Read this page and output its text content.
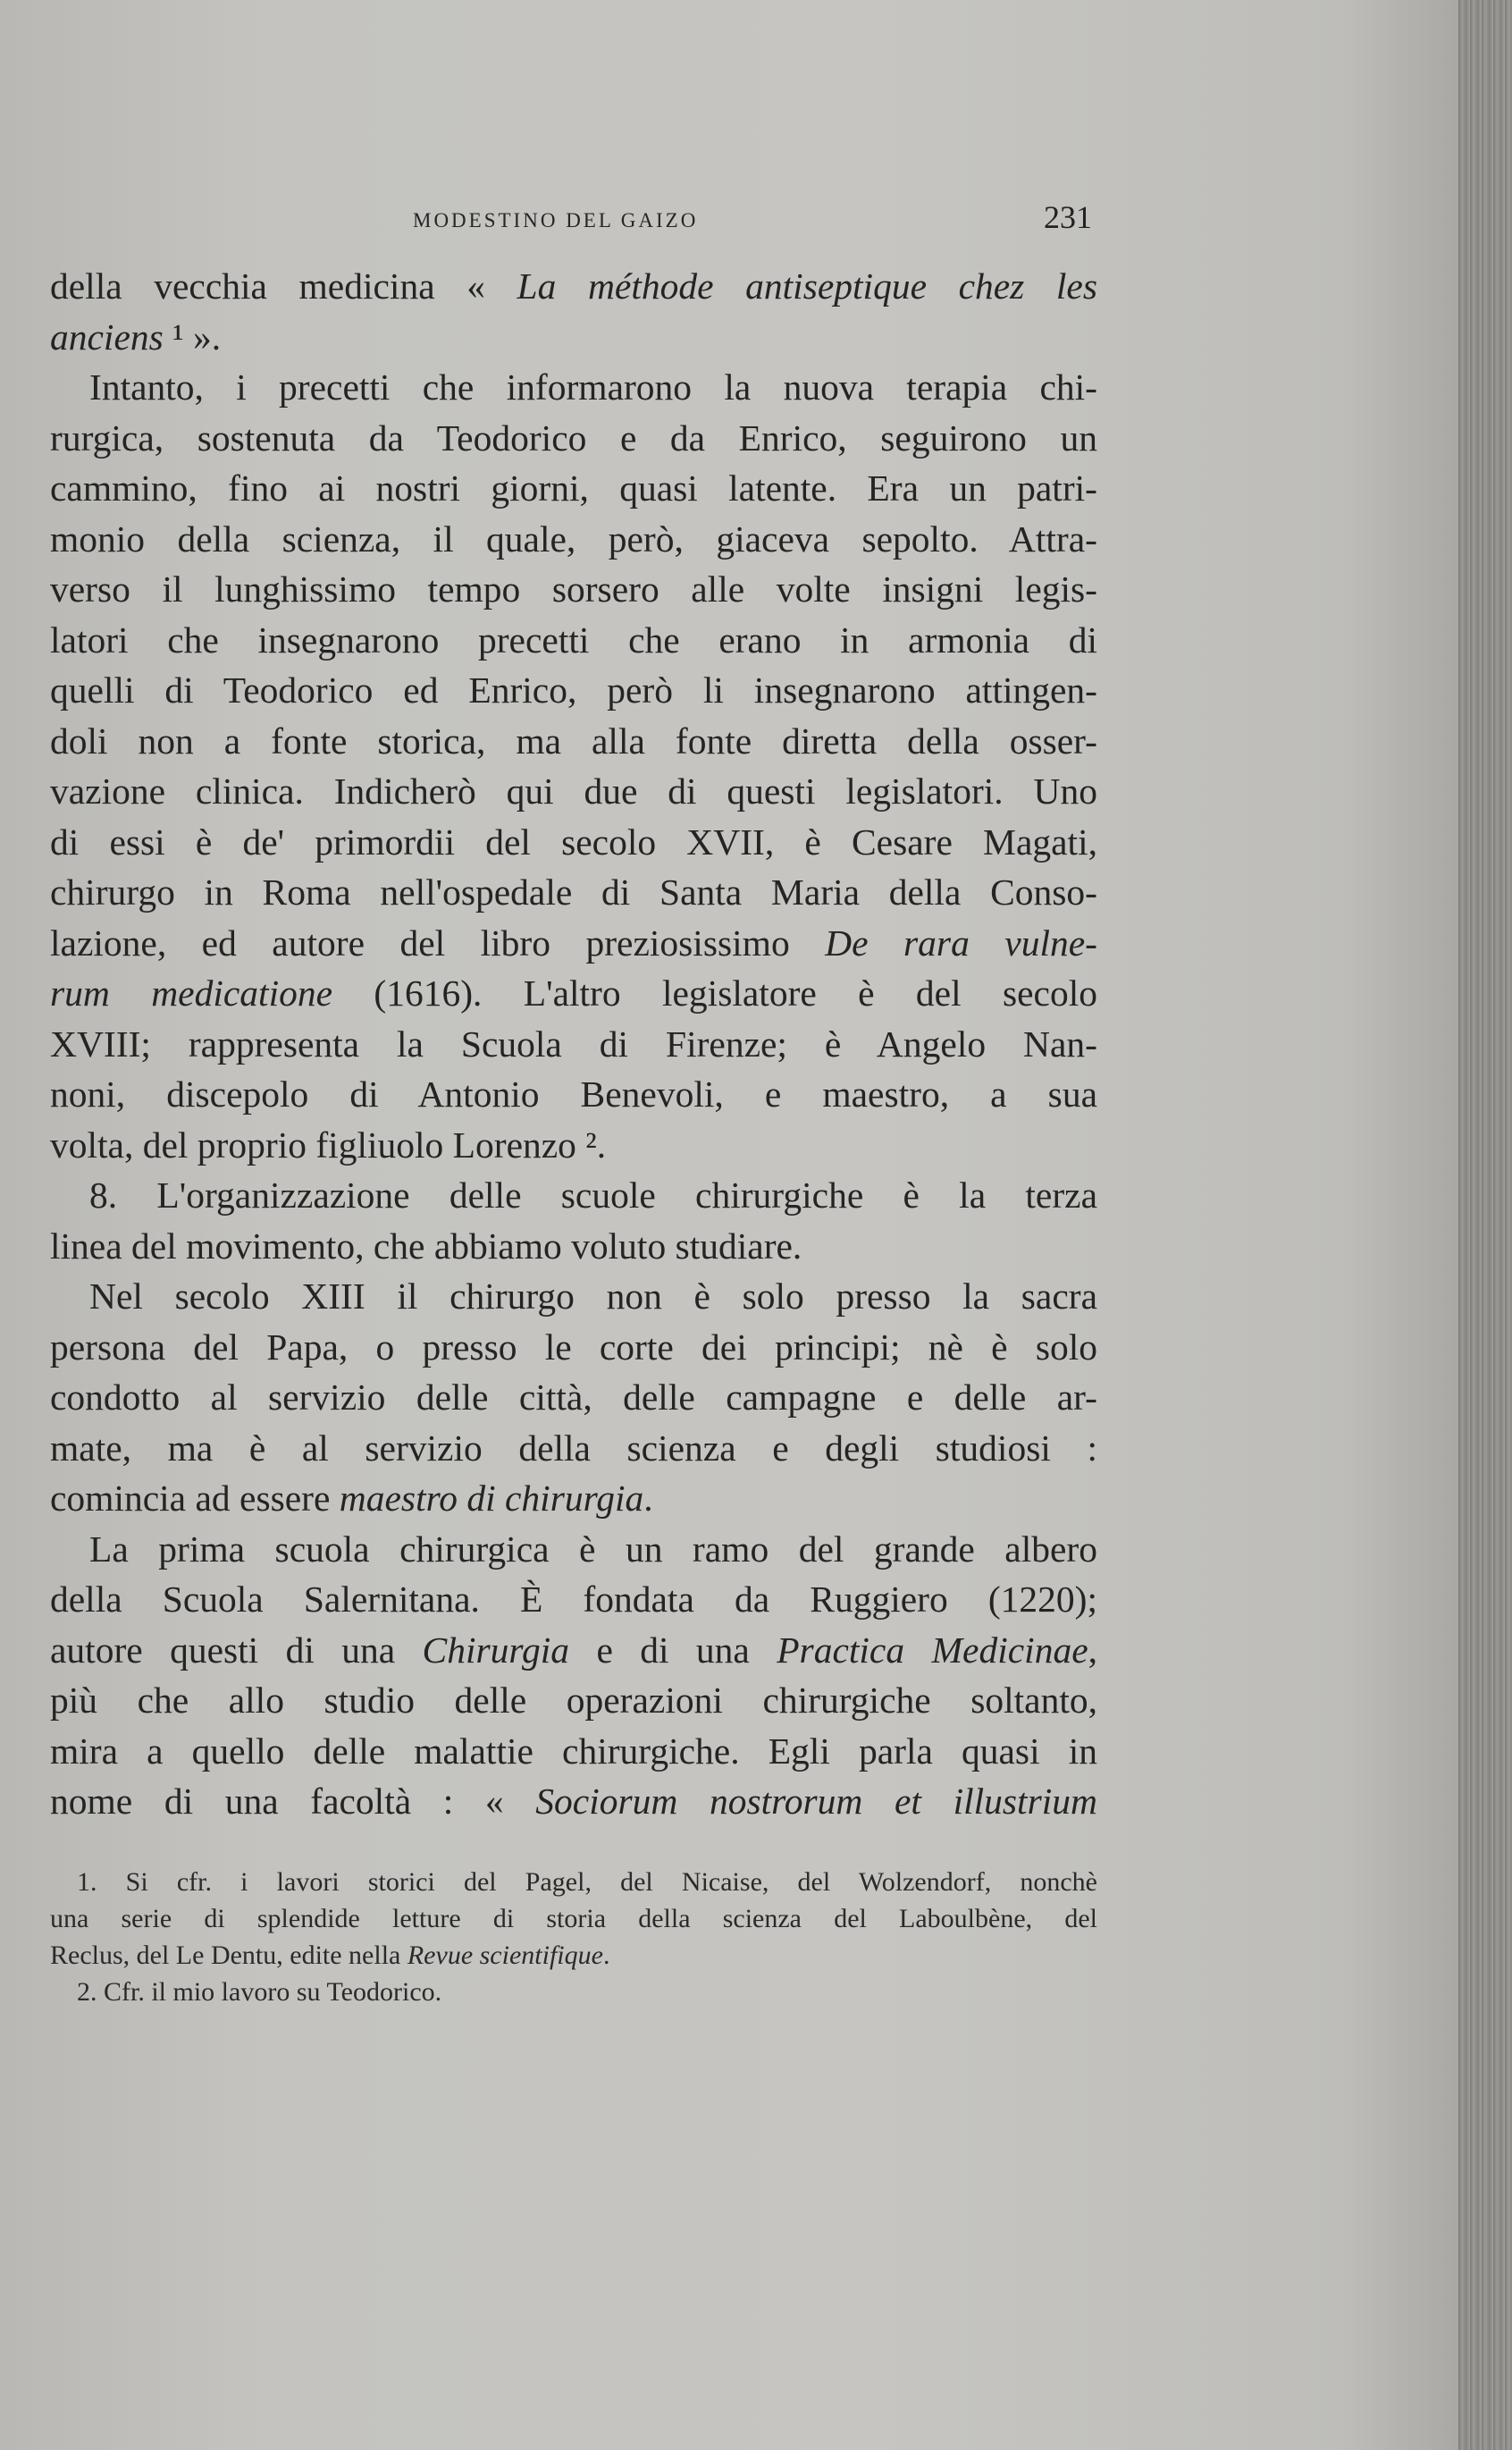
MODESTINO DEL GAIZO	231
della vecchia medicina « La méthode antiseptique chez les
anciens ¹ ».
Intanto, i precetti che informarono la nuova terapia chi-
rurgica, sostenuta da Teodorico e da Enrico, seguirono un
cammino, fino ai nostri giorni, quasi latente. Era un patri-
monio della scienza, il quale, però, giaceva sepolto. Attra-
verso il lunghissimo tempo sorsero alle volte insigni legis-
latori che insegnarono precetti che erano in armonia di
quelli di Teodorico ed Enrico, però li insegnarono attingen-
doli non a fonte storica, ma alla fonte diretta della osser-
vazione clinica. Indicherò qui due di questi legislatori. Uno
di essi è de' primordii del secolo XVII, è Cesare Magati,
chirurgo in Roma nell'ospedale di Santa Maria della Conso-
lazione, ed autore del libro preziosissimo De rara vulne-
rum medicatione (1616). L'altro legislatore è del secolo
XVIII; rappresenta la Scuola di Firenze; è Angelo Nan-
noni, discepolo di Antonio Benevoli, e maestro, a sua
volta, del proprio figliuolo Lorenzo ².
8. L'organizzazione delle scuole chirurgiche è la terza
linea del movimento, che abbiamo voluto studiare.
Nel secolo XIII il chirurgo non è solo presso la sacra
persona del Papa, o presso le corte dei principi; nè è solo
condotto al servizio delle città, delle campagne e delle ar-
mate, ma è al servizio della scienza e degli studiosi :
comincia ad essere maestro di chirurgia.
La prima scuola chirurgica è un ramo del grande albero
della Scuola Salernitana. È fondata da Ruggiero (1220);
autore questi di una Chirurgia e di una Practica Medicinae,
più che allo studio delle operazioni chirurgiche soltanto,
mira a quello delle malattie chirurgiche. Egli parla quasi in
nome di una facoltà : « Sociorum nostrorum et illustrium
1. Si cfr. i lavori storici del Pagel, del Nicaise, del Wolzendorf, nonchè
una serie di splendide letture di storia della scienza del Laboulbène, del
Reclus, del Le Dentu, edite nella Revue scientifique.
2. Cfr. il mio lavoro su Teodorico.
